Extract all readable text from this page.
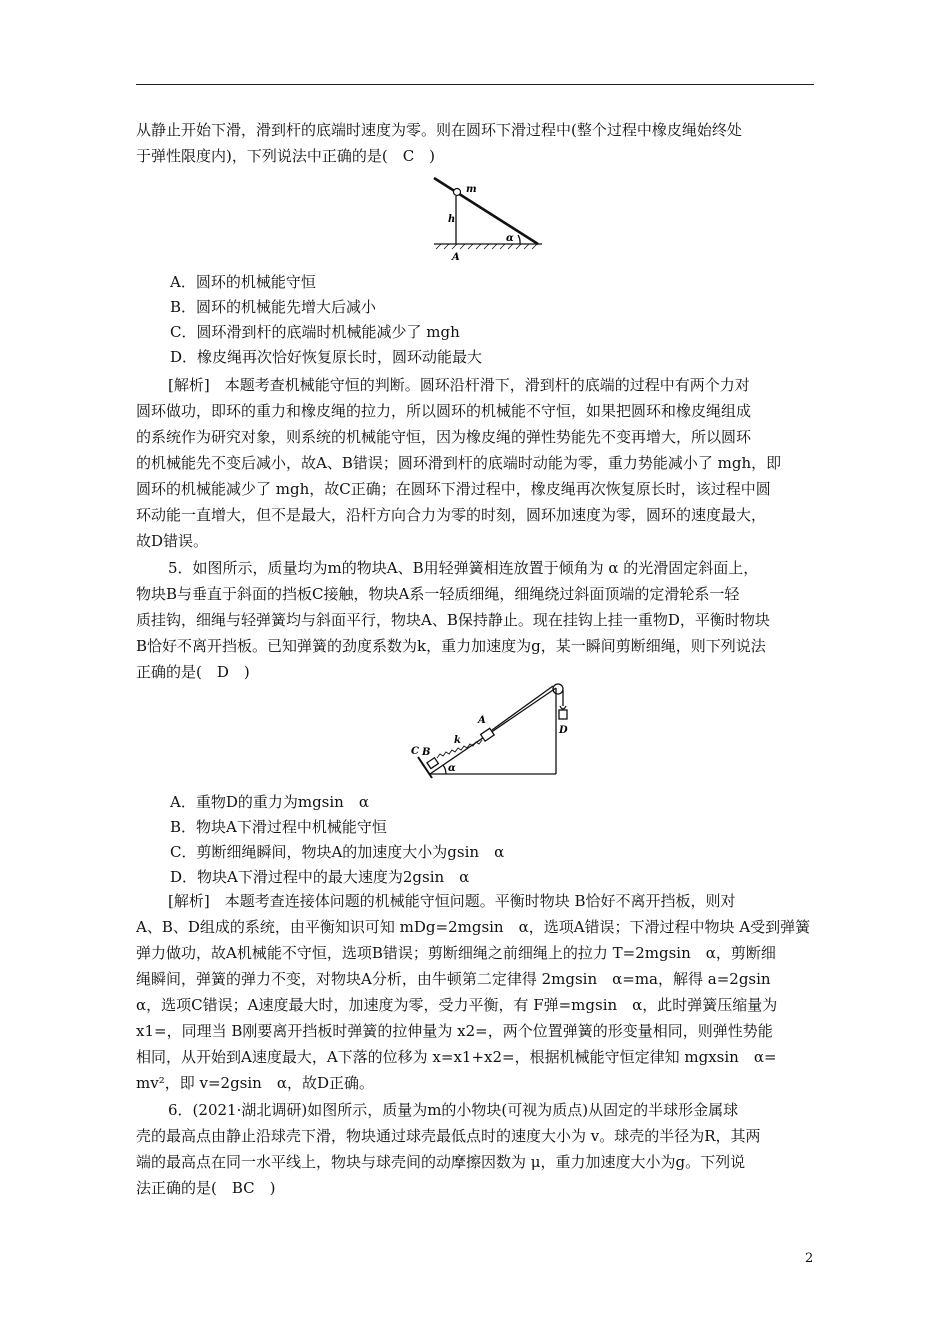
从静止开始下滑，滑到杆的底端时速度为零。则在圆环下滑过程中(整个过程中橡皮绳始终处
于弹性限度内)，下列说法中正确的是(　C　)
m
h
α
A
A．圆环的机械能守恒
B．圆环的机械能先增大后减小
C．圆环滑到杆的底端时机械能减少了 mgh
D．橡皮绳再次恰好恢复原长时，圆环动能最大
[解析]　本题考查机械能守恒的判断。圆环沿杆滑下，滑到杆的底端的过程中有两个力对
圆环做功，即环的重力和橡皮绳的拉力，所以圆环的机械能不守恒，如果把圆环和橡皮绳组成
的系统作为研究对象，则系统的机械能守恒，因为橡皮绳的弹性势能先不变再增大，所以圆环
的机械能先不变后减小，故A、B错误；圆环滑到杆的底端时动能为零，重力势能减小了 mgh，即
圆环的机械能减少了 mgh，故C正确；在圆环下滑过程中，橡皮绳再次恢复原长时，该过程中圆
环动能一直增大，但不是最大，沿杆方向合力为零的时刻，圆环加速度为零，圆环的速度最大，
故D错误。
5．如图所示，质量均为m的物块A、B用轻弹簧相连放置于倾角为 α 的光滑固定斜面上，
物块B与垂直于斜面的挡板C接触，物块A系一轻质细绳，细绳绕过斜面顶端的定滑轮系一轻
质挂钩，细绳与轻弹簧均与斜面平行，物块A、B保持静止。现在挂钩上挂一重物D，平衡时物块
B恰好不离开挡板。已知弹簧的劲度系数为k，重力加速度为g，某一瞬间剪断细绳，则下列说法
正确的是(　D　)
C B
k
A
D
α
A．重物D的重力为mgsin　α
B．物块A下滑过程中机械能守恒
C．剪断细绳瞬间，物块A的加速度大小为gsin　α
D．物块A下滑过程中的最大速度为2gsin　α
[解析]　本题考查连接体问题的机械能守恒问题。平衡时物块 B恰好不离开挡板，则对
A、B、D组成的系统，由平衡知识可知 mDg=2mgsin　α，选项A错误；下滑过程中物块 A受到弹簧
弹力做功，故A机械能不守恒，选项B错误；剪断细绳之前细绳上的拉力 T=2mgsin　α，剪断细
绳瞬间，弹簧的弹力不变，对物块A分析，由牛顿第二定律得 2mgsin　α=ma，解得 a=2gsin
α，选项C错误；A速度最大时，加速度为零，受力平衡，有 F弹=mgsin　α，此时弹簧压缩量为
x1=，同理当 B刚要离开挡板时弹簧的拉伸量为 x2=，两个位置弹簧的形变量相同，则弹性势能
相同，从开始到A速度最大，A下落的位移为 x=x1+x2=，根据机械能守恒定律知 mgxsin　α=
mv²，即 v=2gsin　α，故D正确。
6．(2021·湖北调研)如图所示，质量为m的小物块(可视为质点)从固定的半球形金属球
壳的最高点由静止沿球壳下滑，物块通过球壳最低点时的速度大小为 v。球壳的半径为R，其两
端的最高点在同一水平线上，物块与球壳间的动摩擦因数为 μ，重力加速度大小为g。下列说
法正确的是(　BC　)
2
